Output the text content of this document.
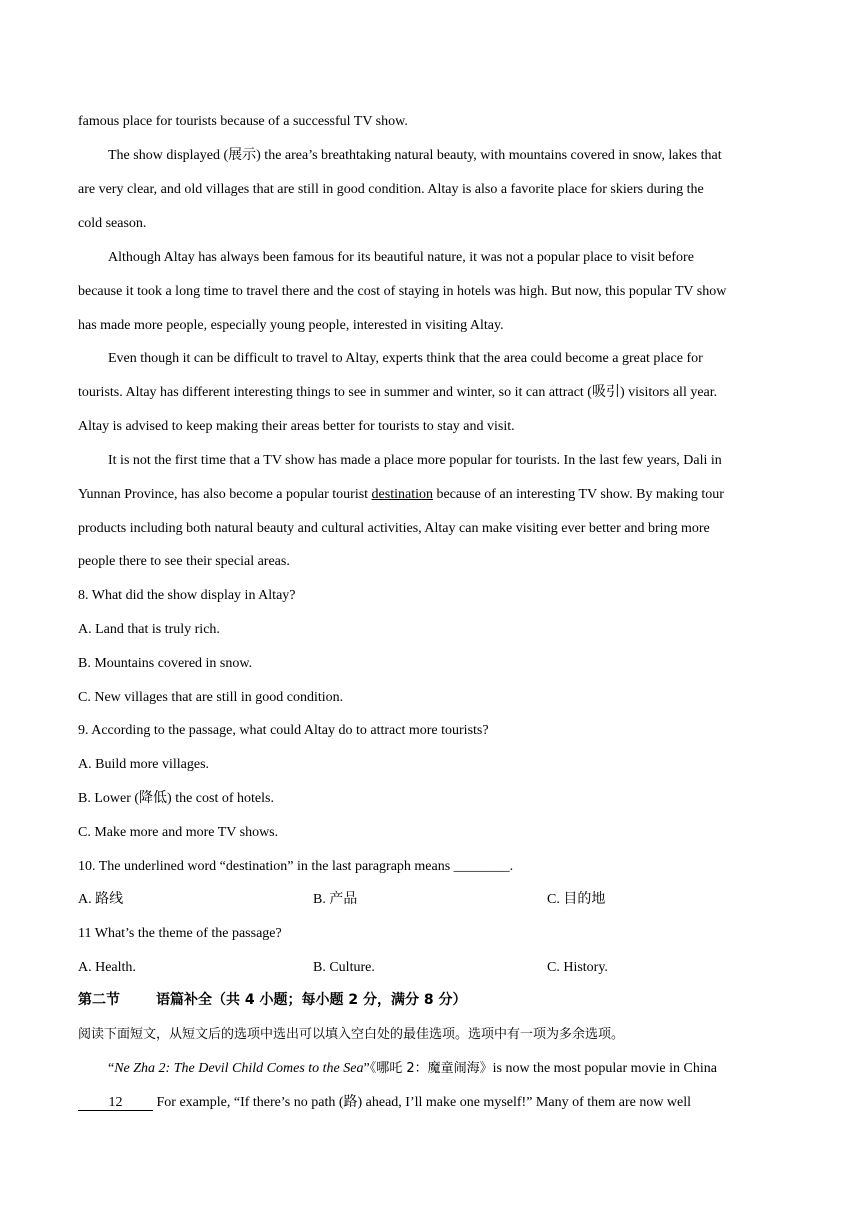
famous place for tourists because of a successful TV show.
The show displayed (展示) the area’s breathtaking natural beauty, with mountains covered in snow, lakes that
are very clear, and old villages that are still in good condition. Altay is also a favorite place for skiers during the
cold season.
Although Altay has always been famous for its beautiful nature, it was not a popular place to visit before
because it took a long time to travel there and the cost of staying in hotels was high. But now, this popular TV show
has made more people, especially young people, interested in visiting Altay.
Even though it can be difficult to travel to Altay, experts think that the area could become a great place for
tourists. Altay has different interesting things to see in summer and winter, so it can attract (吸引) visitors all year.
Altay is advised to keep making their areas better for tourists to stay and visit.
It is not the first time that a TV show has made a place more popular for tourists. In the last few years, Dali in
Yunnan Province, has also become a popular tourist destination because of an interesting TV show. By making tour
products including both natural beauty and cultural activities, Altay can make visiting ever better and bring more
people there to see their special areas.
8. What did the show display in Altay?
A. Land that is truly rich.
B. Mountains covered in snow.
C. New villages that are still in good condition.
9. According to the passage, what could Altay do to attract more tourists?
A. Build more villages.
B. Lower (降低) the cost of hotels.
C. Make more and more TV shows.
10. The underlined word “destination” in the last paragraph means ________.
A. 路线	B. 产品	C. 目的地
11 What’s the theme of the passage?
A. Health.	B. Culture.	C. History.
第二节	语篇补全（共 4 小题；每小题 2 分，满分 8 分）
阅读下面短文，从短文后的选项中选出可以填入空白处的最佳选项。选项中有一项为多余选项。
“Ne Zha 2: The Devil Child Comes to the Sea”《哪吒 2：魔童闹海》is now the most popular movie in China
12 For example, “If there’s no path (路) ahead, I’ll make one myself!” Many of them are now well
